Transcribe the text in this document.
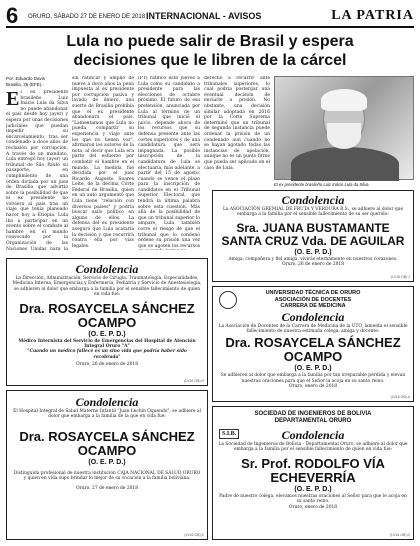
6 ORURO, SÁBADO 27 DE ENERO DE 2018 INTERNACIONAL - AVISOS	LA PATRIA
Lula no puede salir de Brasil y espera
decisiones que le libren de la cárcel
Por: Eduardo Davis
Brasilia, 26 (EFE).-
El ex presidente brasileño Luiz Inácio Lula da Silva no puede abandonar el país desde hoy (ayer) y espera por unas decisiones judiciales que puedan impedir su encarcelamiento, tras ser condenado a doce años de reclusión por corrupción. A través de un mandato, Lula entregó hoy (ayer) un tribunal de São Paulo su pasaporte, en cumplimiento de una orden dictada por un juez de Brasilia que advirtió sobre la posibilidad de que el ex presidente no volviera al país tras un viaje que tenía planeado hacer hoy a Etiopía. Lula iba a participar en un evento sobre el combate al hambre en el mundo convocado por la Organización de las Naciones Unidas para la
sin ratificar y amplió de nueve a doce años la pena impuesta al ex presidente por corrupción pasiva y lavado de dinero, una suerte de Brasilia prohibía que el ex presidente abandonara el país. "Lamentamos que Lula no pueda compartir su experiencia y viaje ante los que no tienen voz", afirmaron los autores de la nota, al decir que Lula era parte del esfuerzo por combatir el hambre en el mundo. La medida fue decidida por el juez Ricardo Augusto Soares Leite, de la décima Corte Federal de Brasilia, quien en un auto argumentó que Lula tiene "relación con diversos países" y podría buscar asilo político en alguno de ellos. La defensa del ex presidente aseguró que Lula acataría la decisión y que recurrirá contra ella por vías legales.
(PT) ratificó este jueves a Lula como su candidato a presidente para las elecciones de octubre próximo. El futuro de esa pretensión, anunciada por Lula al término de un tribunal que inició el juicio, depende ahora de los recursos que su defensa presente ante las cortes superiores y de una candidatura que será impugnada. La posible inscripción de la candidatura de Lula se efectuaría, más adelante, a partir del 15 de agosto, cuando se vence el plazo para la inscripción de candidatos en el Tribunal Superior Electoral, que tendrá la última palabra sobre esta cuestión. Más allá de la posibilidad de que un tribunal superior lo ampare, Lula también corre el riesgo de que el tribunal que lo condenó ordene su prisión una vez que se agoten los recursos
derecho a recurrir ante tribunales superiores, lo cual podría postergar una eventual decisión de enviarle a prisión. No obstante, una decisión similar adoptada en 2016 por la Corte Suprema determinó que un tribunal de segunda instancia puede ordenar la prisión de un condenado aun cuando no se hayan agotado todas las instancias de apelación, aunque no es un punto firme que pueda ser aplicado en el caso de Lula.
El ex presidente brasileño Luiz Inácio Lula da Silva.
Condolencia
La ASOCIACIÓN GREMIAL DE FRUTA Y VERDURA R.S., se adhiere al dolor que embarga a la familia por el sensible fallecimiento de su ser querido:
Sra. JUANA BUSTAMANTE
SANTA CRUZ Vda. DE AGUILAR
(O. E. P. D.)
Amiga, compañera y fiel amiga, vivirás eternamente en nuestros corazones.
Oruro, 26 de enero de 2018
(LV16 OB) J
Condolencia
La Dirección, Administración, Servicio de Cirugía, Traumatología, Especialidades, Medicina Interna, Emergencias y Enfermería, Pediatría y Servicio de Anestesiología, se adhieren al dolor que embarga a la familia por el sensible fallecimiento de quien en vida fue:
Dra. ROSAYCELA SÁNCHEZ
OCAMPO
(O. E. P. D.)
Médico Internista del Servicio de Emergencias del Hospital de Atención Integral Oruro "A"
"Cuando un médico fallece es un sino vida que podría haber sido recobrada"
Oruro, 26 de enero de 2018
(LV16 OB) H
UNIVERSIDAD TÉCNICA DE ORURO
ASOCIACIÓN DE DOCENTES
CARRERA DE MEDICINA
Condolencia
La Asociación de Docentes de la Carrera de Medicina de la UTO, lamenta el sensible fallecimiento de nuestra estimada colega, amiga y docente:
Dra. ROSAYCELA SÁNCHEZ
OCAMPO
(O. E. P. D.)
Se adhieren al dolor que embarga a la familia por tan irreparable pérdida y elevan nuestras oraciones para que el Señor la acoja en su santo reino.
Oruro, enero de 2018
(LV16 OB) A
Condolencia
El Hospital Integral de Salud Materno Infantil "Juan Lechín Oquendo", se adhiere al dolor que embarga a la familia de la que en vida fue:
Dra. ROSAYCELA SÁNCHEZ
OCAMPO
(O. E. P. D.)
Distinguida profesional de nuestra institución CAJA NACIONAL DE SALUD ORURO y quien en vida supo brindar lo mejor de su vocación a la familia boliviana.
Oruro, 27 de enero de 2018
(LV16 OB) E
SOCIEDAD DE INGENIEROS DE BOLIVIA
DEPARTAMENTAL ORURO
S.I.B.	Condolencia
La Sociedad de Ingenieros de Bolivia - Departamental Oruro, se adhiere al dolor que embarga a la familia por el sensible fallecimiento de quien en vida fue:
Sr. Prof. RODOLFO VÍA
ECHEVERRÍA
(O. E. P. D.)
Padre de nuestro colega, elevamos nuestras oraciones al Señor para que le acoja en su santo reino.
Oruro, enero de 2018
(LV16 OB) D
